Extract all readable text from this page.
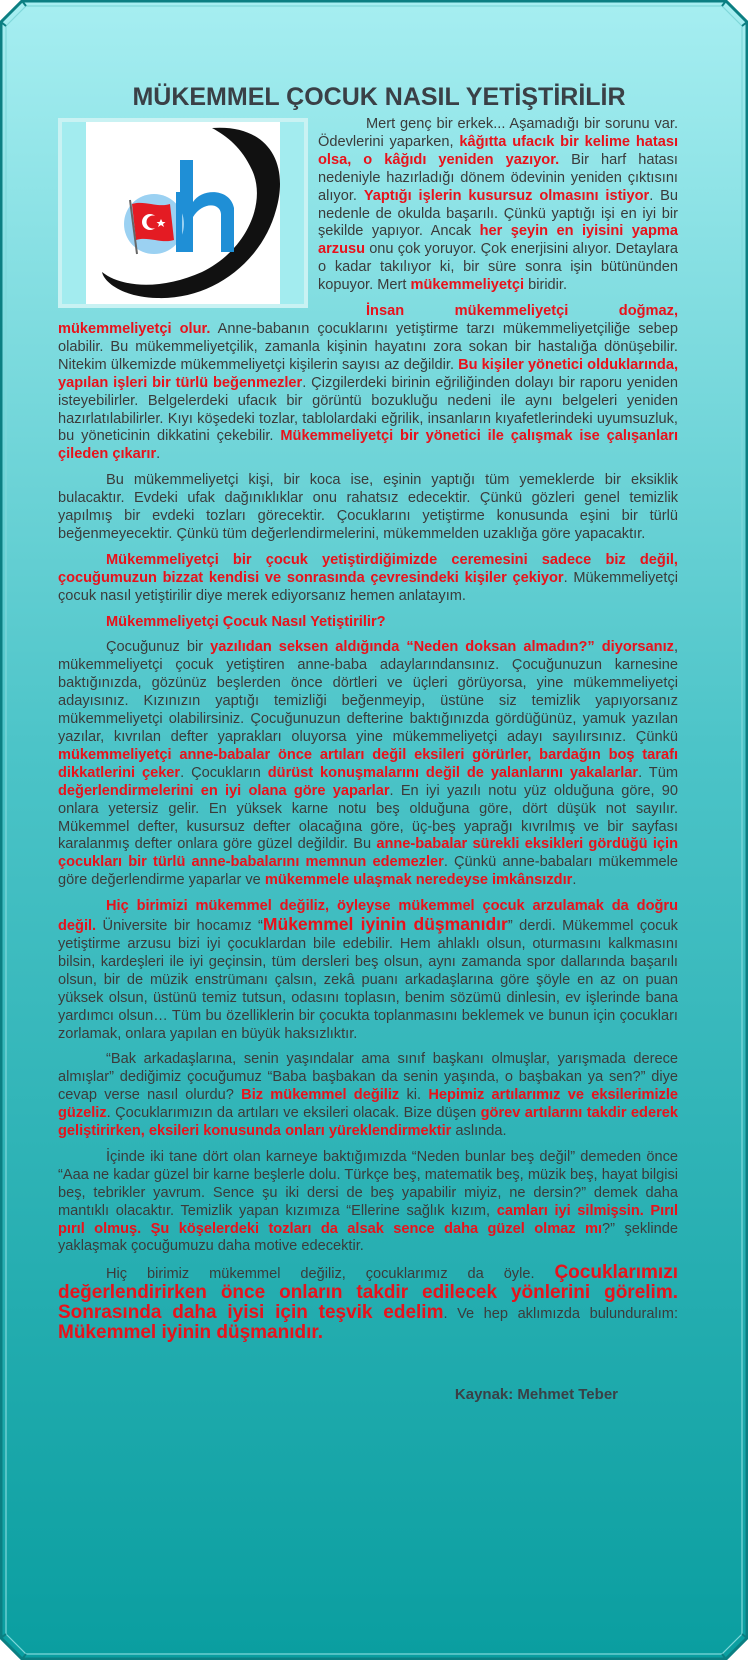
MÜKEMMEL ÇOCUK NASIL YETİŞTİRİLİR

Mert genç bir erkek... Aşamadığı bir sorunu var. Ödevlerini yaparken, kâğıtta ufacık bir kelime hatası olsa, o kâğıdı yeniden yazıyor. Bir harf hatası nedeniyle hazırladığı dönem ödevinin yeniden çıktısını alıyor. Yaptığı işlerin kusursuz olmasını istiyor. Bu nedenle de okulda başarılı. Çünkü yaptığı işi en iyi bir şekilde yapıyor. Ancak her şeyin en iyisini yapma arzusu onu çok yoruyor. Çok enerjisini alıyor. Detaylara o kadar takılıyor ki, bir süre sonra işin bütününden kopuyor. Mert mükemmeliyetçi biridir.

İnsan mükemmeliyetçi doğmaz, mükemmeliyetçi olur. Anne-babanın çocuklarını yetiştirme tarzı mükemmeliyetçiliğe sebep olabilir. Bu mükemmeliyetçilik, zamanla kişinin hayatını zora sokan bir hastalığa dönüşebilir. Nitekim ülkemizde mükemmeliyetçi kişilerin sayısı az değildir. Bu kişiler yönetici olduklarında, yapılan işleri bir türlü beğenmezler. Çizgilerdeki birinin eğriliğinden dolayı bir raporu yeniden isteyebilirler. Belgelerdeki ufacık bir görüntü bozukluğu nedeni ile aynı belgeleri yeniden hazırlatılabilirler. Kıyı köşedeki tozlar, tablolardaki eğrilik, insanların kıyafetlerindeki uyumsuzluk, bu yöneticinin dikkatini çekebilir. Mükemmeliyetçi bir yönetici ile çalışmak ise çalışanları çileden çıkarır.

Bu mükemmeliyetçi kişi, bir koca ise, eşinin yaptığı tüm yemeklerde bir eksiklik bulacaktır. Evdeki ufak dağınıklıklar onu rahatsız edecektir. Çünkü gözleri genel temizlik yapılmış bir evdeki tozları görecektir. Çocuklarını yetiştirme konusunda eşini bir türlü beğenmeyecektir. Çünkü tüm değerlendirmelerini, mükemmelden uzaklığa göre yapacaktır.

Mükemmeliyetçi bir çocuk yetiştirdiğimizde ceremesini sadece biz değil, çocuğumuzun bizzat kendisi ve sonrasında çevresindeki kişiler çekiyor. Mükemmeliyetçi çocuk nasıl yetiştirilir diye merek ediyorsanız hemen anlatayım.

Mükemmeliyetçi Çocuk Nasıl Yetiştirilir?

Çocuğunuz bir yazılıdan seksen aldığında “Neden doksan almadın?” diyorsanız, mükemmeliyetçi çocuk yetiştiren anne-baba adaylarındansınız. Çocuğunuzun karnesine baktığınızda, gözünüz beşlerden önce dörtleri ve üçleri görüyorsa, yine mükemmeliyetçi adayısınız. Kızınızın yaptığı temizliği beğenmeyip, üstüne siz temizlik yapıyorsanız mükemmeliyetçi olabilirsiniz. Çocuğunuzun defterine baktığınızda gördüğünüz, yamuk yazılan yazılar, kıvrılan defter yaprakları oluyorsa yine mükemmeliyetçi adayı sayılırsınız. Çünkü mükemmeliyetçi anne-babalar önce artıları değil eksileri görürler, bardağın boş tarafı dikkatlerini çeker. Çocukların dürüst konuşmalarını değil de yalanlarını yakalarlar. Tüm değerlendirmelerini en iyi olana göre yaparlar. En iyi yazılı notu yüz olduğuna göre, 90 onlara yetersiz gelir. En yüksek karne notu beş olduğuna göre, dört düşük not sayılır. Mükemmel defter, kusursuz defter olacağına göre, üç-beş yaprağı kıvrılmış ve bir sayfası karalanmış defter onlara göre güzel değildir. Bu anne-babalar sürekli eksikleri gördüğü için çocukları bir türlü anne-babalarını memnun edemezler. Çünkü anne-babaları mükemmele göre değerlendirme yaparlar ve mükemmele ulaşmak neredeyse imkânsızdır.

Hiç birimizi mükemmel değiliz, öyleyse mükemmel çocuk arzulamak da doğru değil. Üniversite bir hocamız “Mükemmel iyinin düşmanıdır” derdi. Mükemmel çocuk yetiştirme arzusu bizi iyi çocuklardan bile edebilir. Hem ahlaklı olsun, oturmasını kalkmasını bilsin, kardeşleri ile iyi geçinsin, tüm dersleri beş olsun, aynı zamanda spor dallarında başarılı olsun, bir de müzik enstrümanı çalsın, zekâ puanı arkadaşlarına göre şöyle en az on puan yüksek olsun, üstünü temiz tutsun, odasını toplasın, benim sözümü dinlesin, ev işlerinde bana yardımcı olsun… Tüm bu özelliklerin bir çocukta toplanmasını beklemek ve bunun için çocukları zorlamak, onlara yapılan en büyük haksızlıktır.

“Bak arkadaşlarına, senin yaşındalar ama sınıf başkanı olmuşlar, yarışmada derece almışlar” dediğimiz çocuğumuz “Baba başbakan da senin yaşında, o başbakan ya sen?” diye cevap verse nasıl olurdu? Biz mükemmel değiliz ki. Hepimiz artılarımız ve eksilerimizle güzeliz. Çocuklarımızın da artıları ve eksileri olacak. Bize düşen görev artılarını takdir ederek geliştirirken, eksileri konusunda onları yüreklendirmektir aslında.

İçinde iki tane dört olan karneye baktığımızda “Neden bunlar beş değil” demeden önce “Aaa ne kadar güzel bir karne beşlerle dolu. Türkçe beş, matematik beş, müzik beş, hayat bilgisi beş, tebrikler yavrum. Sence şu iki dersi de beş yapabilir miyiz, ne dersin?” demek daha mantıklı olacaktır. Temizlik yapan kızımıza “Ellerine sağlık kızım, camları iyi silmişsin. Pırıl pırıl olmuş. Şu köşelerdeki tozları da alsak sence daha güzel olmaz mı?” şeklinde yaklaşmak çocuğumuzu daha motive edecektir.

Hiç birimiz mükemmel değiliz, çocuklarımız da öyle. Çocuklarımızı değerlendirirken önce onların takdir edilecek yönlerini görelim. Sonrasında daha iyisi için teşvik edelim. Ve hep aklımızda bulunduralım: Mükemmel iyinin düşmanıdır.

Kaynak: Mehmet Teber
